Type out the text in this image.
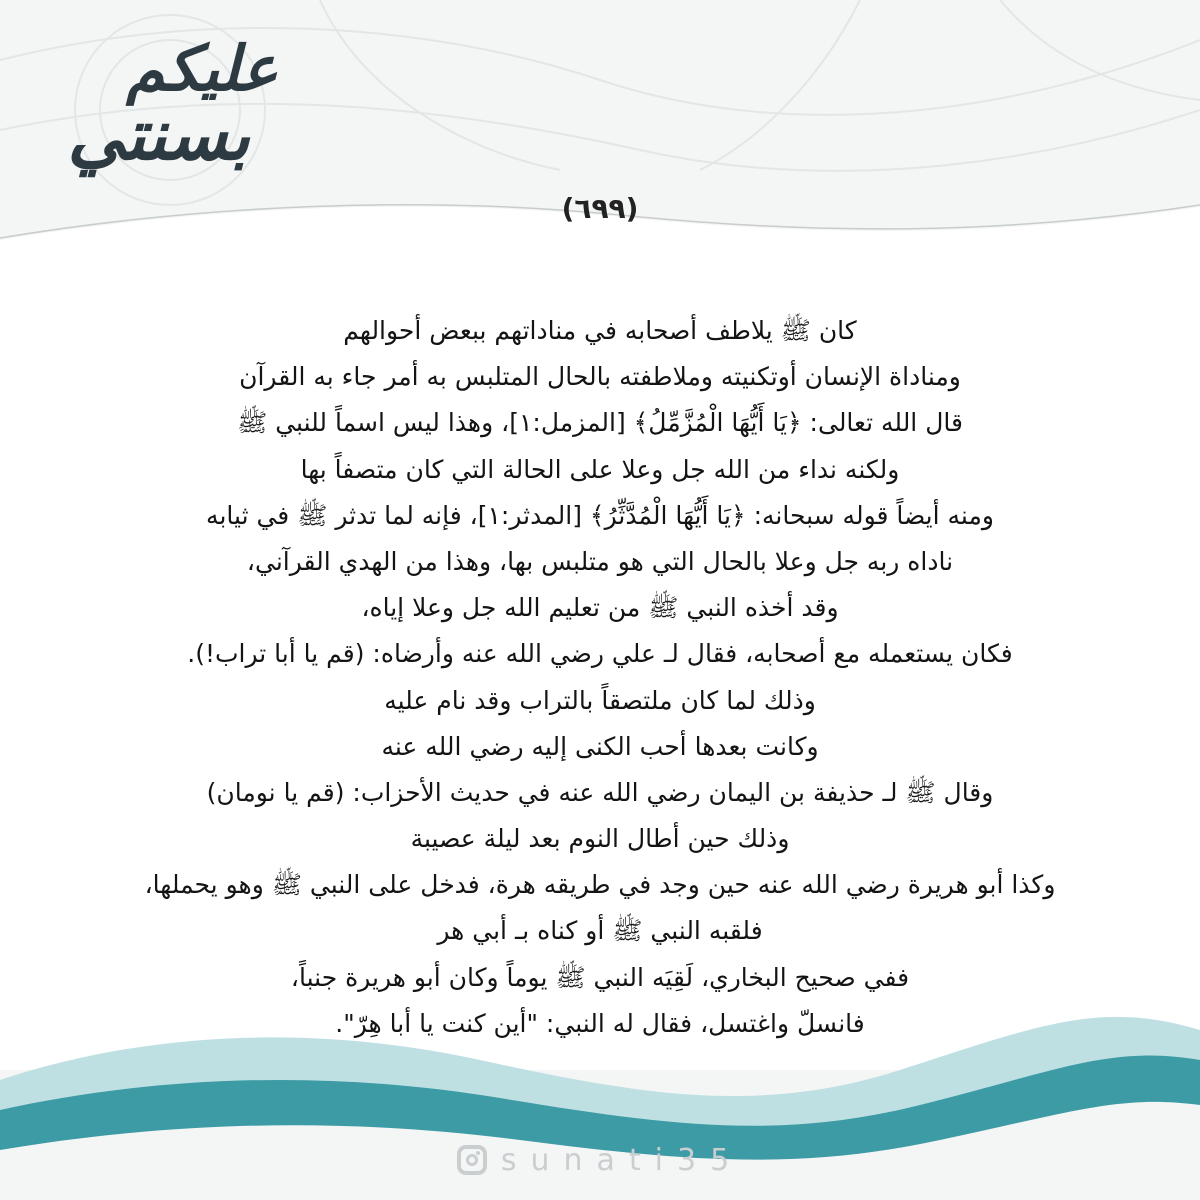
عليكم
بسنتي
(٦٩٩)
كان ﷺ يلاطف أصحابه في مناداتهم ببعض أحوالهم
ومناداة الإنسان أوتكنيته وملاطفته بالحال المتلبس به أمر جاء به القرآن
قال الله تعالى: ﴿يَا أَيُّهَا الْمُزَّمِّلُ﴾ [المزمل:١]، وهذا ليس اسماً للنبي ﷺ
ولكنه نداء من الله جل وعلا على الحالة التي كان متصفاً بها
ومنه أيضاً قوله سبحانه: ﴿يَا أَيُّهَا الْمُدَّثِّرُ﴾ [المدثر:١]، فإنه لما تدثر ﷺ في ثيابه
ناداه ربه جل وعلا بالحال التي هو متلبس بها، وهذا من الهدي القرآني،
وقد أخذه النبي ﷺ من تعليم الله جل وعلا إياه،
فكان يستعمله مع أصحابه، فقال لـ علي رضي الله عنه وأرضاه: (قم يا أبا تراب!).
وذلك لما كان ملتصقاً بالتراب وقد نام عليه
وكانت بعدها أحب الكنى إليه رضي الله عنه
وقال ﷺ لـ حذيفة بن اليمان رضي الله عنه في حديث الأحزاب: (قم يا نومان)
وذلك حين أطال النوم بعد ليلة عصيبة
وكذا أبو هريرة رضي الله عنه حين وجد في طريقه هرة، فدخل على النبي ﷺ وهو يحملها،
فلقبه النبي ﷺ أو كناه بـ أبي هر
ففي صحيح البخاري، لَقِيَه النبي ﷺ يوماً وكان أبو هريرة جنباً،
فانسلّ واغتسل، فقال له النبي: "أين كنت يا أبا هِرّ".
sunati35
